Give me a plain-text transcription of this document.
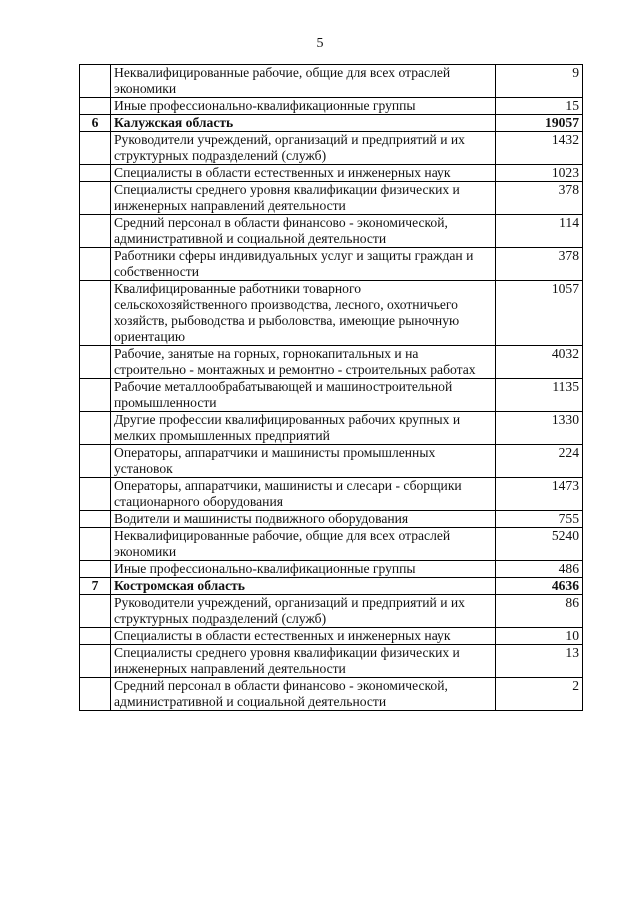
5
	Неквалифицированные рабочие, общие для всех отраслей экономики	9
	Иные профессионально-квалификационные группы	15
6	Калужская область	19057
	Руководители учреждений, организаций и предприятий и их структурных подразделений (служб)	1432
	Специалисты в области естественных и инженерных наук	1023
	Специалисты среднего уровня квалификации физических и инженерных направлений деятельности	378
	Средний персонал в области финансово - экономической, административной и социальной деятельности	114
	Работники сферы индивидуальных услуг и защиты граждан и собственности	378
	Квалифицированные работники товарного сельскохозяйственного производства, лесного, охотничьего хозяйств, рыбоводства и рыболовства, имеющие рыночную ориентацию	1057
	Рабочие, занятые на горных, горнокапитальных и на строительно - монтажных и ремонтно - строительных работах	4032
	Рабочие металлообрабатывающей и машиностроительной промышленности	1135
	Другие профессии квалифицированных рабочих крупных и мелких промышленных предприятий	1330
	Операторы, аппаратчики и машинисты промышленных установок	224
	Операторы, аппаратчики, машинисты и слесари - сборщики стационарного оборудования	1473
	Водители и машинисты подвижного оборудования	755
	Неквалифицированные рабочие, общие для всех отраслей экономики	5240
	Иные профессионально-квалификационные группы	486
7	Костромская область	4636
	Руководители учреждений, организаций и предприятий и их структурных подразделений (служб)	86
	Специалисты в области естественных и инженерных наук	10
	Специалисты среднего уровня квалификации физических и инженерных направлений деятельности	13
	Средний персонал в области финансово - экономической, административной и социальной деятельности	2
